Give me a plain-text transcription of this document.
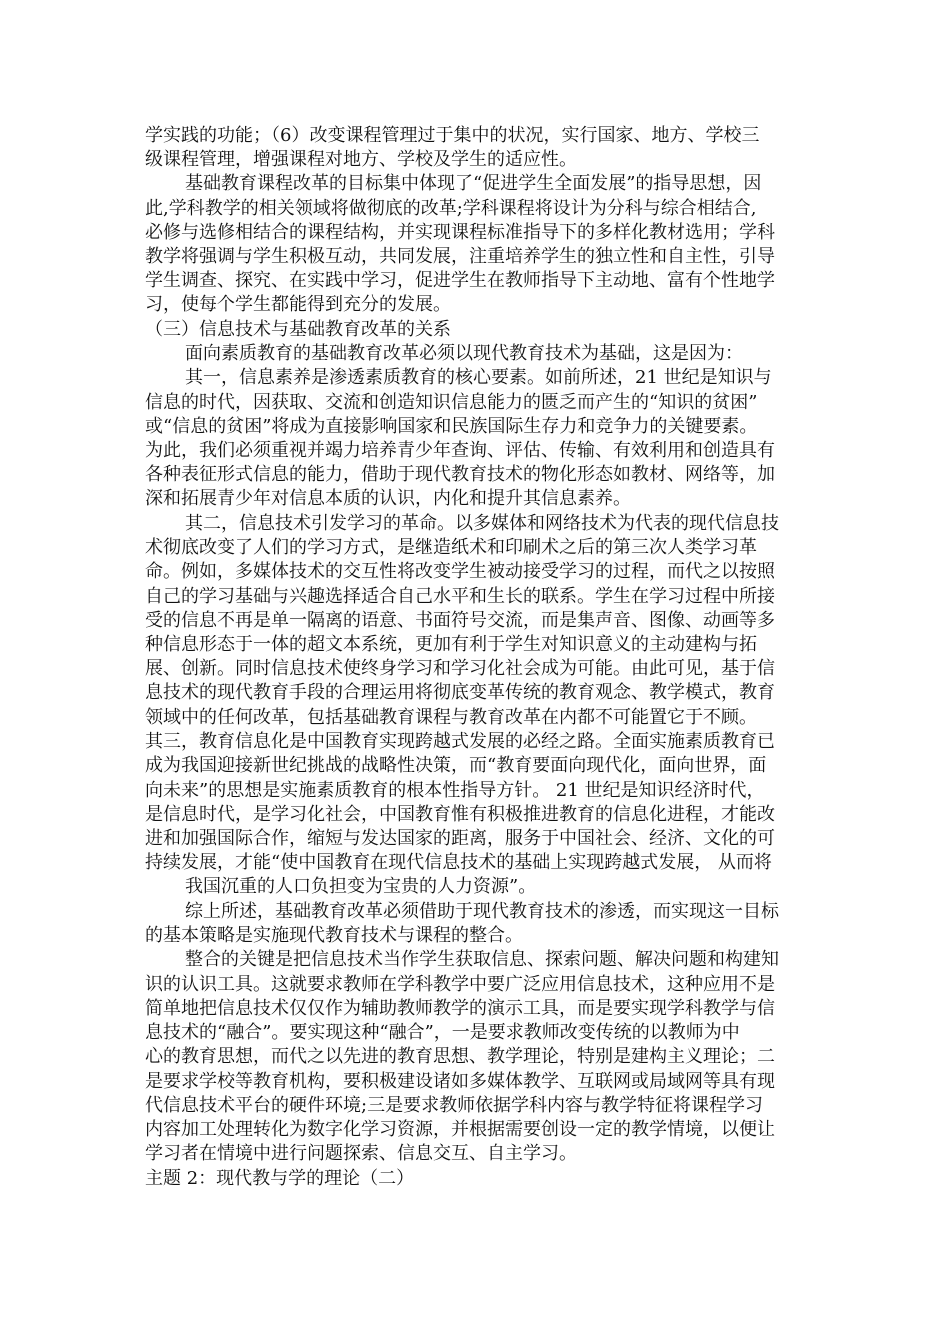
学实践的功能；（6）改变课程管理过于集中的状况，实行国家、地方、学校三
级课程管理，增强课程对地方、学校及学生的适应性。
基础教育课程改革的目标集中体现了“促进学生全面发展”的指导思想，因
此,学科教学的相关领域将做彻底的改革;学科课程将设计为分科与综合相结合,
必修与选修相结合的课程结构，并实现课程标准指导下的多样化教材选用；学科
教学将强调与学生积极互动，共同发展，注重培养学生的独立性和自主性，引导
学生调查、探究、在实践中学习，促进学生在教师指导下主动地、富有个性地学
习，使每个学生都能得到充分的发展。
（三）信息技术与基础教育改革的关系
面向素质教育的基础教育改革必须以现代教育技术为基础，这是因为：
其一，信息素养是渗透素质教育的核心要素。如前所述，21 世纪是知识与
信息的时代，因获取、交流和创造知识信息能力的匮乏而产生的“知识的贫困”
或“信息的贫困”将成为直接影响国家和民族国际生存力和竞争力的关键要素。
为此，我们必须重视并竭力培养青少年查询、评估、传输、有效利用和创造具有
各种表征形式信息的能力，借助于现代教育技术的物化形态如教材、网络等，加
深和拓展青少年对信息本质的认识，内化和提升其信息素养。
其二，信息技术引发学习的革命。以多媒体和网络技术为代表的现代信息技
术彻底改变了人们的学习方式，是继造纸术和印刷术之后的第三次人类学习革
命。例如，多媒体技术的交互性将改变学生被动接受学习的过程，而代之以按照
自己的学习基础与兴趣选择适合自己水平和生长的联系。学生在学习过程中所接
受的信息不再是单一隔离的语意、书面符号交流，而是集声音、图像、动画等多
种信息形态于一体的超文本系统，更加有利于学生对知识意义的主动建构与拓
展、创新。同时信息技术使终身学习和学习化社会成为可能。由此可见，基于信
息技术的现代教育手段的合理运用将彻底变革传统的教育观念、教学模式，教育
领域中的任何改革，包括基础教育课程与教育改革在内都不可能置它于不顾。
其三，教育信息化是中国教育实现跨越式发展的必经之路。全面实施素质教育已
成为我国迎接新世纪挑战的战略性决策，而“教育要面向现代化，面向世界，面
向未来”的思想是实施素质教育的根本性指导方针。 21 世纪是知识经济时代，
是信息时代，是学习化社会，中国教育惟有积极推进教育的信息化进程，才能改
进和加强国际合作，缩短与发达国家的距离，服务于中国社会、经济、文化的可
持续发展，才能“使中国教育在现代信息技术的基础上实现跨越式发展， 从而将
我国沉重的人口负担变为宝贵的人力资源”。
综上所述，基础教育改革必须借助于现代教育技术的渗透，而实现这一目标
的基本策略是实施现代教育技术与课程的整合。
整合的关键是把信息技术当作学生获取信息、探索问题、解决问题和构建知
识的认识工具。这就要求教师在学科教学中要广泛应用信息技术，这种应用不是
简单地把信息技术仅仅作为辅助教师教学的演示工具，而是要实现学科教学与信
息技术的“融合”。要实现这种“融合”，一是要求教师改变传统的以教师为中
心的教育思想，而代之以先进的教育思想、教学理论，特别是建构主义理论；二
是要求学校等教育机构，要积极建设诸如多媒体教学、互联网或局域网等具有现
代信息技术平台的硬件环境;三是要求教师依据学科内容与教学特征将课程学习
内容加工处理转化为数字化学习资源，并根据需要创设一定的教学情境，以便让
学习者在情境中进行问题探索、信息交互、自主学习。
主题 2：现代教与学的理论（二）
